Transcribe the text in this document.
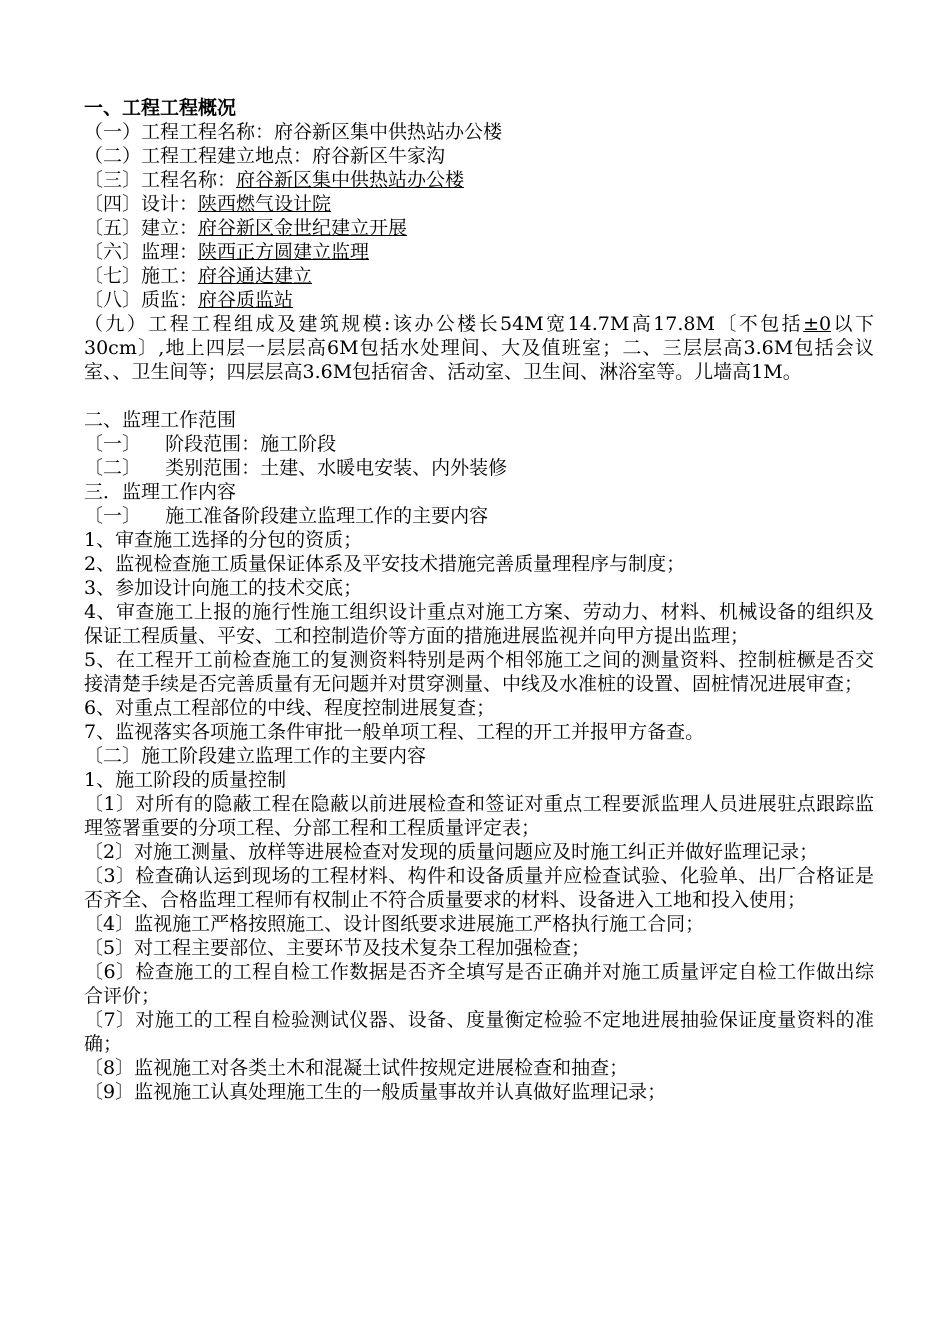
一、工程工程概况
（一）工程工程名称：府谷新区集中供热站办公楼
（二）工程工程建立地点：府谷新区牛家沟
〔三〕工程名称：府谷新区集中供热站办公楼
〔四〕设计：陕西燃气设计院
〔五〕建立：府谷新区金世纪建立开展
〔六〕监理：陕西正方圆建立监理
〔七〕施工：府谷通达建立
〔八〕质监：府谷质监站
（九）工程工程组成及建筑规模:该办公楼长54M宽14.7M高17.8M〔不包括±0以下30cm〕,地上四层一层层高6M包括水处理间、大及值班室；二、三层层高3.6M包括会议室、、卫生间等；四层层高3.6M包括宿舍、活动室、卫生间、淋浴室等。儿墙高1M。
二、监理工作范围
〔一〕    阶段范围：施工阶段
〔二〕    类别范围：土建、水暖电安装、内外装修
三．监理工作内容
〔一〕    施工准备阶段建立监理工作的主要内容
1、审查施工选择的分包的资质；
2、监视检查施工质量保证体系及平安技术措施完善质量理程序与制度；
3、参加设计向施工的技术交底；
4、审查施工上报的施行性施工组织设计重点对施工方案、劳动力、材料、机械设备的组织及保证工程质量、平安、工和控制造价等方面的措施进展监视并向甲方提出监理；
5、在工程开工前检查施工的复测资料特别是两个相邻施工之间的测量资料、控制桩橛是否交接清楚手续是否完善质量有无问题并对贯穿测量、中线及水准桩的设置、固桩情况进展审查；
6、对重点工程部位的中线、程度控制进展复查；
7、监视落实各项施工条件审批一般单项工程、工程的开工并报甲方备查。
〔二〕施工阶段建立监理工作的主要内容
1、施工阶段的质量控制
〔1〕对所有的隐蔽工程在隐蔽以前进展检查和签证对重点工程要派监理人员进展驻点跟踪监理签署重要的分项工程、分部工程和工程质量评定表；
〔2〕对施工测量、放样等进展检查对发现的质量问题应及时施工纠正并做好监理记录；
〔3〕检查确认运到现场的工程材料、构件和设备质量并应检查试验、化验单、出厂合格证是否齐全、合格监理工程师有权制止不符合质量要求的材料、设备进入工地和投入使用；
〔4〕监视施工严格按照施工、设计图纸要求进展施工严格执行施工合同；
〔5〕对工程主要部位、主要环节及技术复杂工程加强检查；
〔6〕检查施工的工程自检工作数据是否齐全填写是否正确并对施工质量评定自检工作做出综合评价；
〔7〕对施工的工程自检验测试仪器、设备、度量衡定检验不定地进展抽验保证度量资料的准确；
〔8〕监视施工对各类土木和混凝土试件按规定进展检查和抽查；
〔9〕监视施工认真处理施工生的一般质量事故并认真做好监理记录；
